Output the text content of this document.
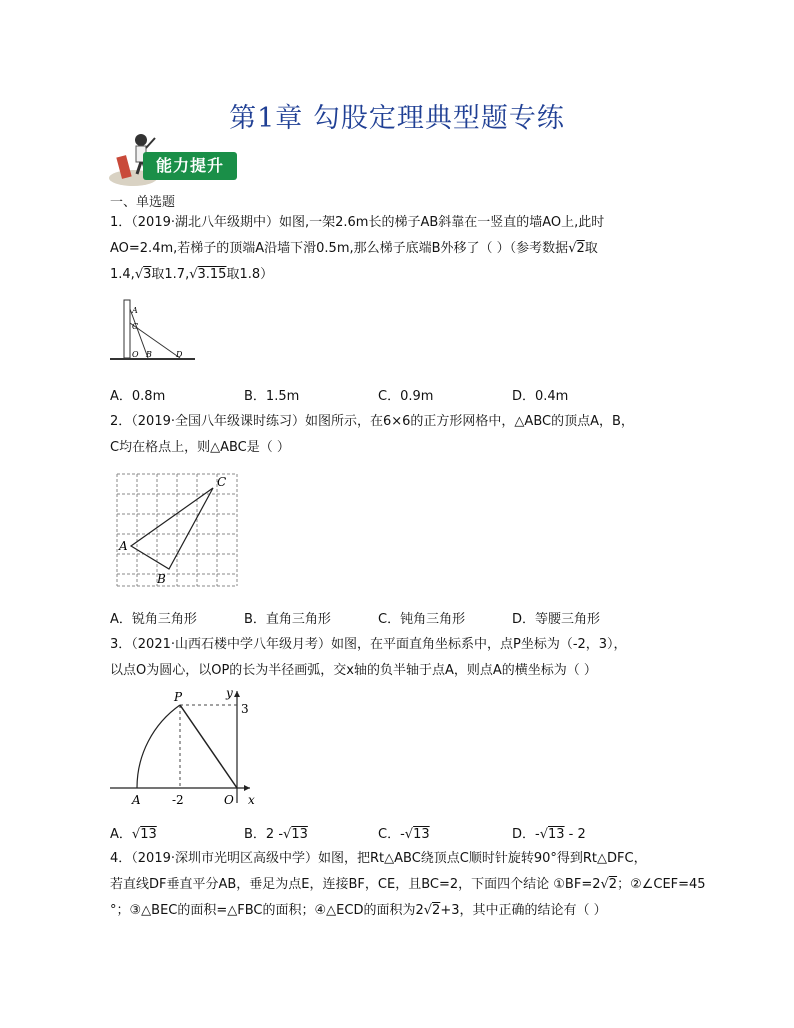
第1章 勾股定理典型题专练
能力提升
一、单选题
1．（2019·湖北八年级期中）如图,一架2.6m长的梯子AB斜靠在一竖直的墙AO上,此时
AO=2.4m,若梯子的顶端A沿墙下滑0.5m,那么梯子底端B外移了（ ）（参考数据√2取
1.4,√3取1.7,√3.15取1.8）
A
C
O B	D
A．0.8m	B．1.5m	C．0.9m	D．0.4m
2．（2019·全国八年级课时练习）如图所示，在6×6的正方形网格中，△ABC的顶点A，B，
C均在格点上，则△ABC是（ ）
A
B
C
A．锐角三角形	B．直角三角形	C．钝角三角形	D．等腰三角形
3．（2021·山西石楼中学八年级月考）如图，在平面直角坐标系中，点P坐标为（-2，3），
以点O为圆心，以OP的长为半径画弧，交x轴的负半轴于点A，则点A的横坐标为（ ）
P	y
3
A	-2	O x
A．√13	B．2 -√13	C．-√13	D．-√13 - 2
4．（2019·深圳市光明区高级中学）如图，把Rt△ABC绕顶点C顺时针旋转90°得到Rt△DFC，
若直线DF垂直平分AB，垂足为点E，连接BF，CE，且BC=2，下面四个结论 ①BF=2√2；②∠CEF=45
°；③△BEC的面积=△FBC的面积；④△ECD的面积为2√2+3，其中正确的结论有（ ）
